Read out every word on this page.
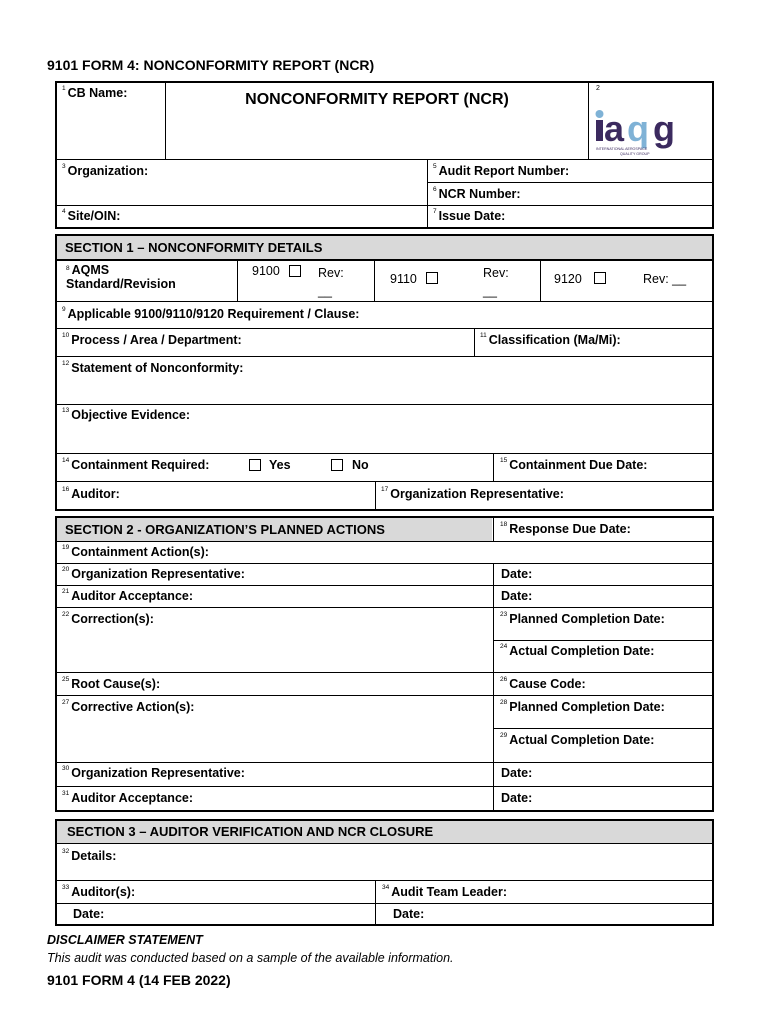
9101 FORM 4: NONCONFORMITY REPORT (NCR)
$^1$ CB Name:	NONCONFORMITY REPORT (NCR)
2
a q g
INTERNATIONAL AEROSPACE
QUALITY GROUP
$^3$ Organization:	$^5$ Audit Report Number:
$^6$ NCR Number:
$^4$ Site/OIN:	$^7$ Issue Date:
SECTION 1 – NONCONFORMITY DETAILS
$^8$ AQMS
Standard/Revision
9100	Rev:
__
9110	Rev:
__
9120	Rev: __
$^9$ Applicable 9100/9110/9120 Requirement / Clause:
$^{10}$ Process / Area / Department:	$^{11}$ Classification (Ma/Mi):
$^{12}$ Statement of Nonconformity:
$^{13}$ Objective Evidence:
$^{14}$ Containment Required:	Yes	No	$^{15}$ Containment Due Date:
$^{16}$ Auditor:	$^{17}$ Organization Representative:
SECTION 2 - ORGANIZATION’S PLANNED ACTIONS	$^{18}$ Response Due Date:
$^{19}$ Containment Action(s):
$^{20}$ Organization Representative:	Date:
$^{21}$ Auditor Acceptance:	Date:
$^{22}$ Correction(s):	$^{23}$ Planned Completion Date:
$^{24}$ Actual Completion Date:
$^{25}$ Root Cause(s):	$^{26}$ Cause Code:
$^{27}$ Corrective Action(s):	$^{28}$ Planned Completion Date:
$^{29}$ Actual Completion Date:
$^{30}$ Organization Representative:	Date:
$^{31}$ Auditor Acceptance:	Date:
SECTION 3 – AUDITOR VERIFICATION AND NCR CLOSURE
$^{32}$ Details:
$^{33}$ Auditor(s):	$^{34}$ Audit Team Leader:
Date:	Date:
DISCLAIMER STATEMENT
This audit was conducted based on a sample of the available information.
9101 FORM 4 (14 FEB 2022)
